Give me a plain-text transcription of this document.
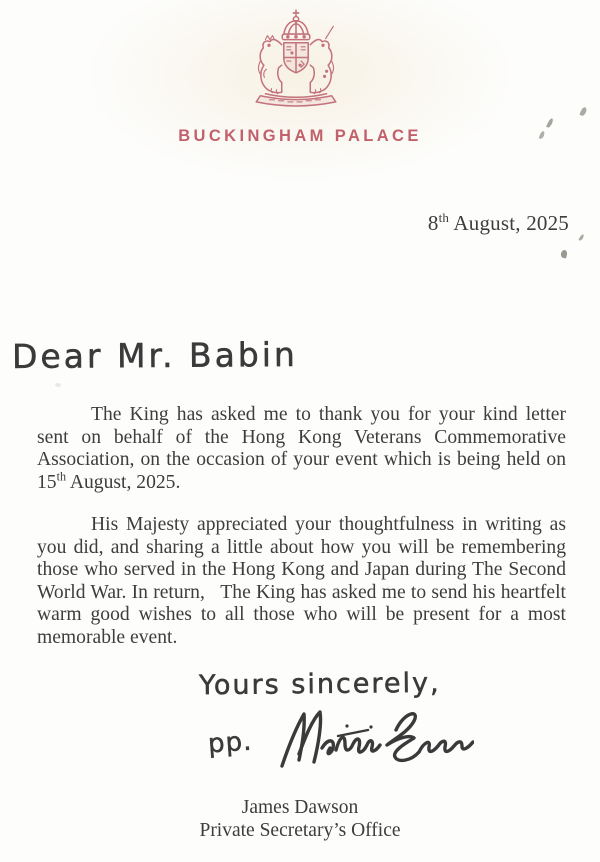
BUCKINGHAM PALACE
8th August, 2025
Dear Mr. Babin

The King has asked me to thank you for your kind letter sent on behalf of the Hong Kong Veterans Commemorative Association, on the occasion of your event which is being held on 15th August, 2025.

His Majesty appreciated your thoughtfulness in writing as you did, and sharing a little about how you will be remembering those who served in the Hong Kong and Japan during The Second World War. In return,   The King has asked me to send his heartfelt warm good wishes to all those who will be present for a most memorable event.

Yours sincerely,
pp.
James Dawson
Private Secretary’s Office
